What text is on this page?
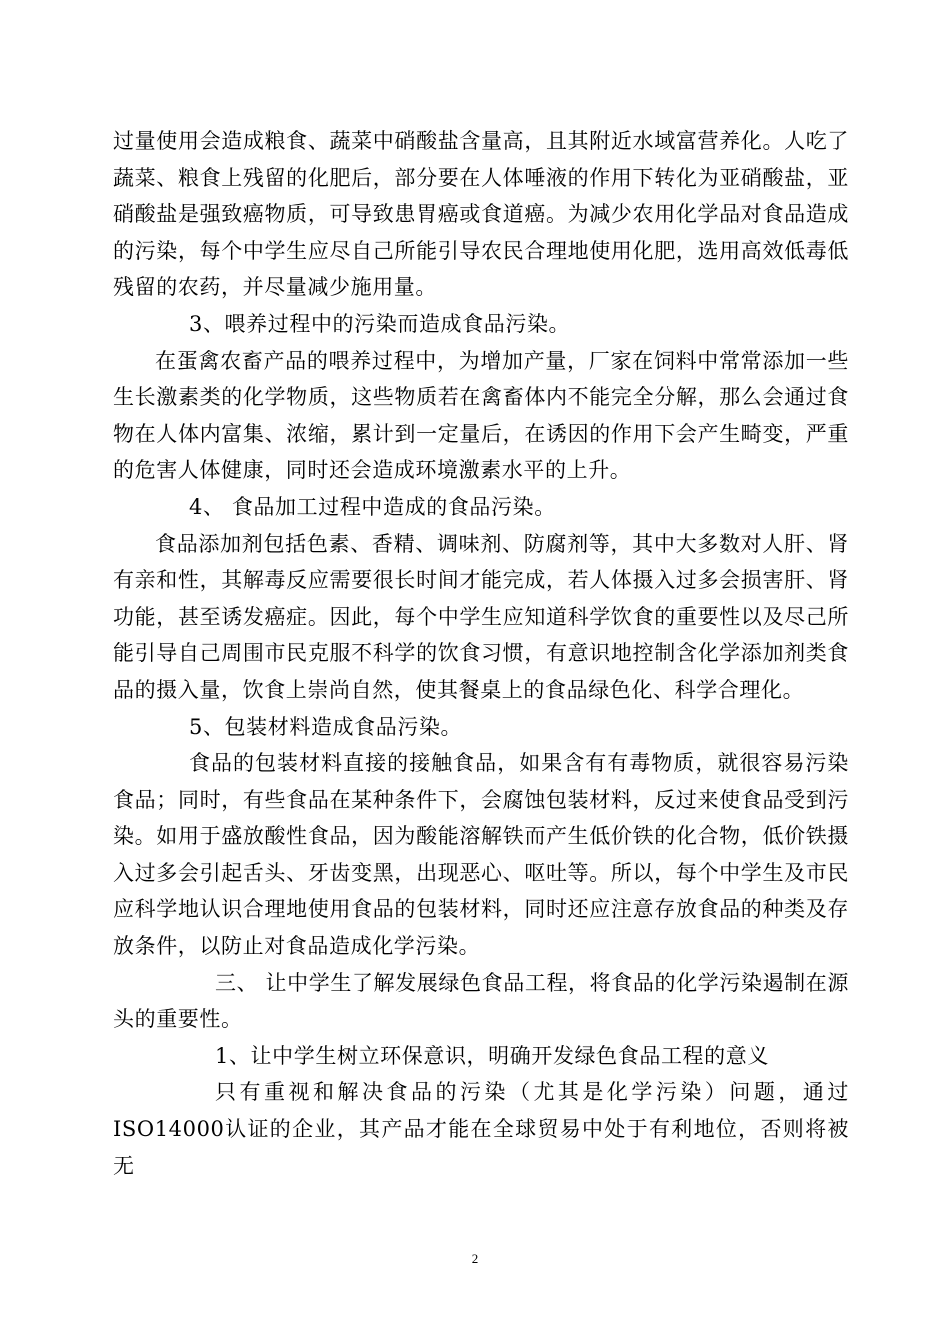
过量使用会造成粮食、蔬菜中硝酸盐含量高，且其附近水域富营养化。人吃了蔬菜、粮食上残留的化肥后，部分要在人体唾液的作用下转化为亚硝酸盐，亚硝酸盐是强致癌物质，可导致患胃癌或食道癌。为减少农用化学品对食品造成的污染，每个中学生应尽自己所能引导农民合理地使用化肥，选用高效低毒低残留的农药，并尽量减少施用量。

3、喂养过程中的污染而造成食品污染。

在蛋禽农畜产品的喂养过程中，为增加产量，厂家在饲料中常常添加一些生长激素类的化学物质，这些物质若在禽畜体内不能完全分解，那么会通过食物在人体内富集、浓缩，累计到一定量后，在诱因的作用下会产生畸变，严重的危害人体健康，同时还会造成环境激素水平的上升。

4、 食品加工过程中造成的食品污染。

食品添加剂包括色素、香精、调味剂、防腐剂等，其中大多数对人肝、肾有亲和性，其解毒反应需要很长时间才能完成，若人体摄入过多会损害肝、肾功能，甚至诱发癌症。因此，每个中学生应知道科学饮食的重要性以及尽己所能引导自己周围市民克服不科学的饮食习惯，有意识地控制含化学添加剂类食品的摄入量，饮食上崇尚自然，使其餐桌上的食品绿色化、科学合理化。

5、包装材料造成食品污染。

食品的包装材料直接的接触食品，如果含有有毒物质，就很容易污染食品；同时，有些食品在某种条件下，会腐蚀包装材料，反过来使食品受到污染。如用于盛放酸性食品，因为酸能溶解铁而产生低价铁的化合物，低价铁摄入过多会引起舌头、牙齿变黑，出现恶心、呕吐等。所以，每个中学生及市民应科学地认识合理地使用食品的包装材料，同时还应注意存放食品的种类及存放条件，以防止对食品造成化学污染。

三、 让中学生了解发展绿色食品工程，将食品的化学污染遏制在源头的重要性。

1、让中学生树立环保意识，明确开发绿色食品工程的意义

只有重视和解决食品的污染（尤其是化学污染）问题，通过ISO14000认证的企业，其产品才能在全球贸易中处于有利地位，否则将被无

2
